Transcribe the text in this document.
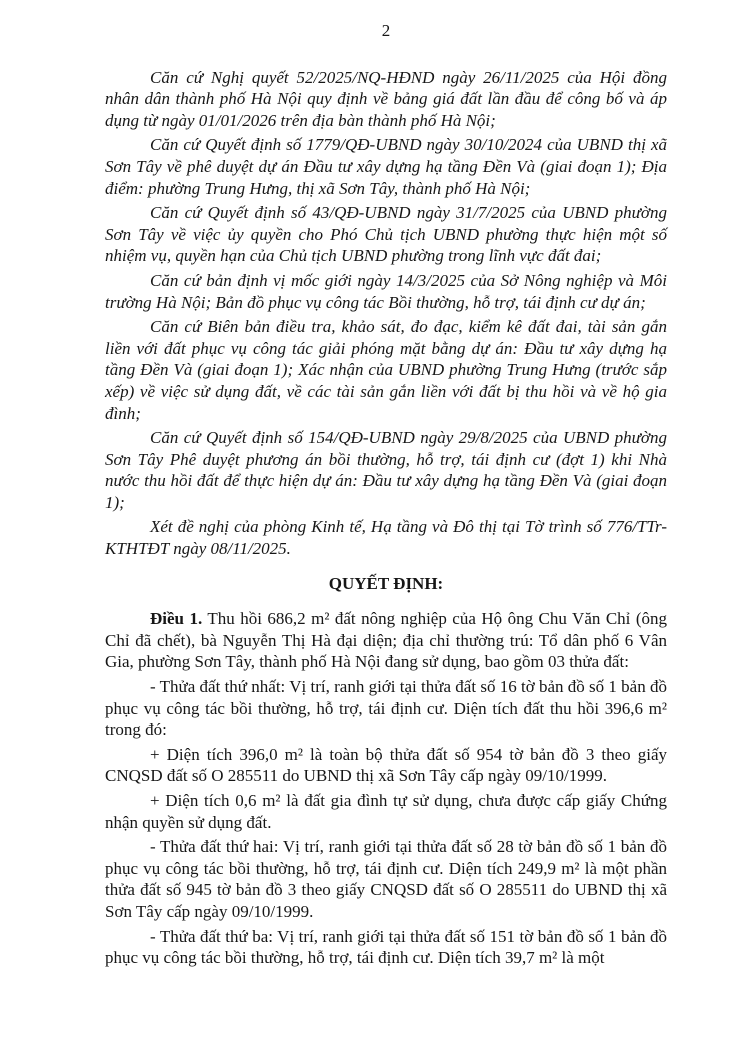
2

Căn cứ Nghị quyết 52/2025/NQ-HĐND ngày 26/11/2025 của Hội đồng nhân dân thành phố Hà Nội quy định về bảng giá đất lần đầu để công bố và áp dụng từ ngày 01/01/2026 trên địa bàn thành phố Hà Nội;

Căn cứ Quyết định số 1779/QĐ-UBND ngày 30/10/2024 của UBND thị xã Sơn Tây về phê duyệt dự án Đầu tư xây dựng hạ tầng Đền Và (giai đoạn 1); Địa điểm: phường Trung Hưng, thị xã Sơn Tây, thành phố Hà Nội;

Căn cứ Quyết định số 43/QĐ-UBND ngày 31/7/2025 của UBND phường Sơn Tây về việc ủy quyền cho Phó Chủ tịch UBND phường thực hiện một số nhiệm vụ, quyền hạn của Chủ tịch UBND phường trong lĩnh vực đất đai;

Căn cứ bản định vị mốc giới ngày 14/3/2025 của Sở Nông nghiệp và Môi trường Hà Nội; Bản đồ phục vụ công tác Bồi thường, hỗ trợ, tái định cư dự án;

Căn cứ Biên bản điều tra, khảo sát, đo đạc, kiểm kê đất đai, tài sản gắn liền với đất phục vụ công tác giải phóng mặt bằng dự án: Đầu tư xây dựng hạ tầng Đền Và (giai đoạn 1); Xác nhận của UBND phường Trung Hưng (trước sắp xếp) về việc sử dụng đất, về các tài sản gắn liền với đất bị thu hồi và về hộ gia đình;

Căn cứ Quyết định số 154/QĐ-UBND ngày 29/8/2025 của UBND phường Sơn Tây Phê duyệt phương án bồi thường, hỗ trợ, tái định cư (đợt 1) khi Nhà nước thu hồi đất để thực hiện dự án: Đầu tư xây dựng hạ tầng Đền Và (giai đoạn 1);

Xét đề nghị của phòng Kinh tế, Hạ tầng và Đô thị tại Tờ trình số 776/TTr-KTHTĐT ngày 08/11/2025.

QUYẾT ĐỊNH:

Điều 1. Thu hồi 686,2 m² đất nông nghiệp của Hộ ông Chu Văn Chỉ (ông Chỉ đã chết), bà Nguyễn Thị Hà đại diện; địa chỉ thường trú: Tổ dân phố 6 Vân Gia, phường Sơn Tây, thành phố Hà Nội đang sử dụng, bao gồm 03 thửa đất:

- Thửa đất thứ nhất: Vị trí, ranh giới tại thửa đất số 16 tờ bản đồ số 1 bản đồ phục vụ công tác bồi thường, hỗ trợ, tái định cư. Diện tích đất thu hồi 396,6 m² trong đó:

+ Diện tích 396,0 m² là toàn bộ thửa đất số 954 tờ bản đồ 3 theo giấy CNQSD đất số O 285511 do UBND thị xã Sơn Tây cấp ngày 09/10/1999.

+ Diện tích 0,6 m² là đất gia đình tự sử dụng, chưa được cấp giấy Chứng nhận quyền sử dụng đất.

- Thửa đất thứ hai: Vị trí, ranh giới tại thửa đất số 28 tờ bản đồ số 1 bản đồ phục vụ công tác bồi thường, hỗ trợ, tái định cư. Diện tích 249,9 m² là một phần thửa đất số 945 tờ bản đồ 3 theo giấy CNQSD đất số O 285511 do UBND thị xã Sơn Tây cấp ngày 09/10/1999.

- Thửa đất thứ ba: Vị trí, ranh giới tại thửa đất số 151 tờ bản đồ số 1 bản đồ phục vụ công tác bồi thường, hỗ trợ, tái định cư. Diện tích 39,7 m² là một
